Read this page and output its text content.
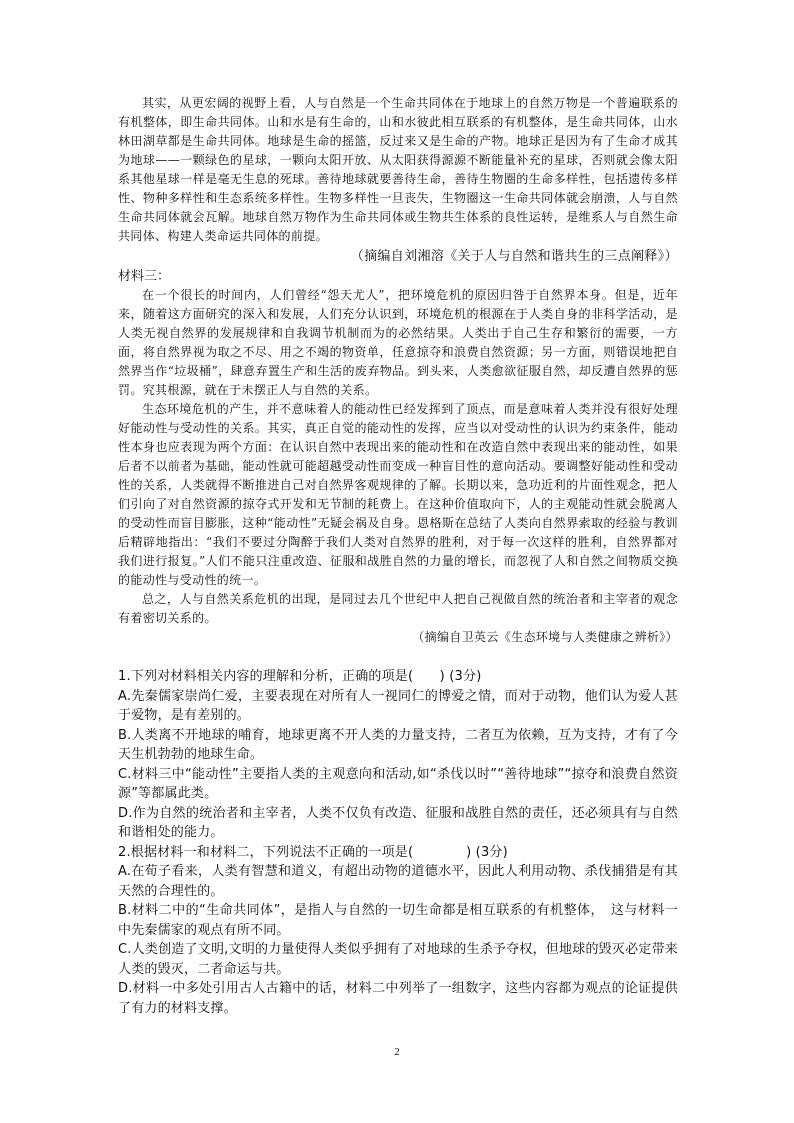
其实，从更宏阔的视野上看，人与自然是一个生命共同体在于地球上的自然万物是一个普遍联系的有机整体，即生命共同体。山和水是有生命的，山和水彼此相互联系的有机整体，是生命共同体，山水林田湖草都是生命共同体。地球是生命的摇篮，反过来又是生命的产物。地球正是因为有了生命才成其为地球——一颗绿色的星球，一颗向太阳开放、从太阳获得源源不断能量补充的星球，否则就会像太阳系其他星球一样是毫无生息的死球。善待地球就要善待生命，善待生物圈的生命多样性，包括遗传多样性、物种多样性和生态系统多样性。生物多样性一旦丧失，生物圈这一生命共同体就会崩溃，人与自然生命共同体就会瓦解。地球自然万物作为生命共同体或生物共生体系的良性运转，是维系人与自然生命共同体、构建人类命运共同体的前提。

（摘编自刘湘溶《关于人与自然和谐共生的三点阐释》）

材料三：

在一个很长的时间内，人们曾经“怨天尤人”，把环境危机的原因归咎于自然界本身。但是，近年来，随着这方面研究的深入和发展，人们充分认识到，环境危机的根源在于人类自身的非科学活动，是人类无视自然界的发展规律和自我调节机制而为的必然结果。人类出于自己生存和繁衍的需要，一方面，将自然界视为取之不尽、用之不竭的物资单，任意掠夺和浪费自然资源；另一方面，则错误地把自然界当作“垃圾桶”，肆意弃置生产和生活的废弃物品。到头来，人类愈欲征服自然，却反遭自然界的惩罚。究其根源，就在于未摆正人与自然的关系。

生态环境危机的产生，并不意味着人的能动性已经发挥到了顶点，而是意味着人类并没有很好处理好能动性与受动性的关系。其实，真正自觉的能动性的发挥，应当以对受动性的认识为约束条件，能动性本身也应表现为两个方面：在认识自然中表现出来的能动性和在改造自然中表现出来的能动性，如果后者不以前者为基础，能动性就可能超越受动性而变成一种盲目性的意向活动。要调整好能动性和受动性的关系，人类就得不断推进自己对自然界客观规律的了解。长期以来，急功近利的片面性观念，把人们引向了对自然资源的掠夺式开发和无节制的耗费上。在这种价值取向下，人的主观能动性就会脱离人的受动性而盲目膨胀，这种“能动性”无疑会祸及自身。恩格斯在总结了人类向自然界索取的经验与教训后精辟地指出：“我们不要过分陶醉于我们人类对自然界的胜利，对于每一次这样的胜利，自然界都对我们进行报复。”人们不能只注重改造、征服和战胜自然的力量的增长，而忽视了人和自然之间物质交换的能动性与受动性的统一。

总之，人与自然关系危机的出现，是同过去几个世纪中人把自己视做自然的统治者和主宰者的观念有着密切关系的。

（摘编自卫英云《生态环境与人类健康之辨析》）

1.下列对材料相关内容的理解和分析，正确的项是(　　) (3分)

A.先秦儒家崇尚仁爱，主要表现在对所有人一视同仁的博爱之情，而对于动物，他们认为爱人甚于爱物，是有差别的。

B.人类离不开地球的哺育，地球更离不开人类的力量支持，二者互为依赖，互为支持，才有了今天生机勃勃的地球生命。

C.材料三中“能动性”主要指人类的主观意向和活动,如“杀伐以时”“善待地球”“掠夺和浪费自然资源”等都属此类。

D.作为自然的统治者和主宰者，人类不仅负有改造、征服和战胜自然的责任，还必须具有与自然和谐相处的能力。

2.根据材料一和材料二，下列说法不正确的一项是(　　　　) (3分)

A.在荀子看来，人类有智慧和道义，有超出动物的道德水平，因此人利用动物、杀伐捕猎是有其天然的合理性的。

B.材料二中的“生命共同体”，是指人与自然的一切生命都是相互联系的有机整体，　这与材料一中先秦儒家的观点有所不同。

C.人类创造了文明,文明的力量使得人类似乎拥有了对地球的生杀予夺权，但地球的毁灭必定带来人类的毁灭，二者命运与共。

D.材料一中多处引用古人古籍中的话，材料二中列举了一组数字，这些内容都为观点的论证提供了有力的材料支撑。

2
